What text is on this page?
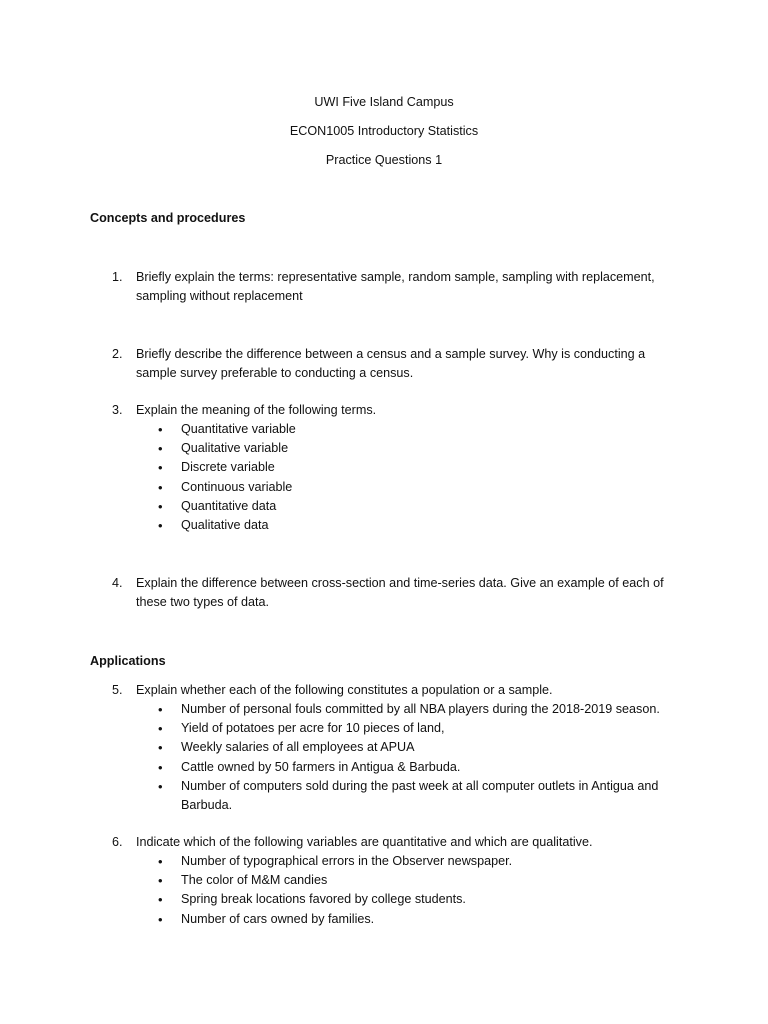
UWI Five Island Campus
ECON1005 Introductory Statistics
Practice Questions 1
Concepts and procedures
1.	Briefly explain the terms: representative sample, random sample, sampling with replacement, sampling without replacement
2.	Briefly describe the difference between a census and a sample survey. Why is conducting a sample survey preferable to conducting a census.
3.	Explain the meaning of the following terms.
• Quantitative variable
• Qualitative variable
• Discrete variable
• Continuous variable
• Quantitative data
• Qualitative data
4.	Explain the difference between cross-section and time-series data. Give an example of each of these two types of data.
Applications
5.	Explain whether each of the following constitutes a population or a sample.
• Number of personal fouls committed by all NBA players during the 2018-2019 season.
• Yield of potatoes per acre for 10 pieces of land,
• Weekly salaries of all employees at APUA
• Cattle owned by 50 farmers in Antigua & Barbuda.
• Number of computers sold during the past week at all computer outlets in Antigua and Barbuda.
6.	Indicate which of the following variables are quantitative and which are qualitative.
• Number of typographical errors in the Observer newspaper.
• The color of M&M candies
• Spring break locations favored by college students.
• Number of cars owned by families.
